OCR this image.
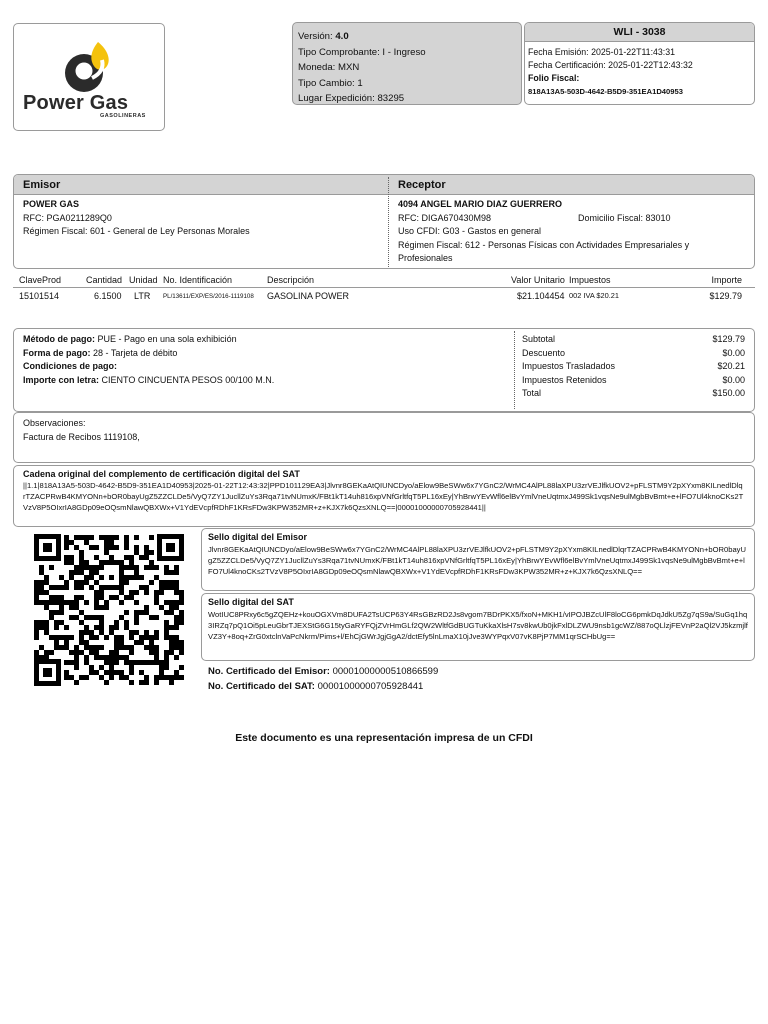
Power Gas
GASOLINERAS
Versión: 4.0
Tipo Comprobante: I - Ingreso
Moneda: MXN
Tipo Cambio: 1
Lugar Expedición: 83295
WLI - 3038
Fecha Emisión: 2025-01-22T11:43:31
Fecha Certificación: 2025-01-22T12:43:32
Folio Fiscal:
818A13A5-503D-4642-B5D9-351EA1D40953
Emisor	Receptor
POWER GAS
RFC: PGA0211289Q0
Régimen Fiscal: 601 - General de Ley Personas Morales
4094 ANGEL MARIO DIAZ GUERRERO
RFC: DIGA670430M98	Domicilio Fiscal: 83010
Uso CFDI: G03 - Gastos en general
Régimen Fiscal: 612 - Personas Físicas con Actividades Empresariales y
Profesionales
ClaveProd	Cantidad Unidad No. Identificación	Descripción	Valor Unitario Impuestos	Importe
15101514	6.1500 LTR PL/13611/EXP/ES/2016-1119108 GASOLINA POWER	$21.104454 002 IVA $20.21	$129.79
Método de pago: PUE - Pago en una sola exhibición
Forma de pago: 28 - Tarjeta de débito
Condiciones de pago:
Importe con letra: CIENTO CINCUENTA PESOS 00/100 M.N.
Subtotal	$129.79
Descuento	$0.00
Impuestos Trasladados	$20.21
Impuestos Retenidos	$0.00
Total	$150.00
Observaciones:
Factura de Recibos 1119108,
Cadena original del complemento de certificación digital del SAT
||1.1|818A13A5-503D-4642-B5D9-351EA1D40953|2025-01-22T12:43:32|PPD101129EA3|Jlvnr8GEKaAtQIUNCDyo/aElow9BeSWw6x7YGnC2/WrMC4AlPL88laXPU3zrVEJlfkUOV2+pFLSTM9Y2pXYxm8KILnedlDlqrTZACPRwB4KMYONn+bOR0bayUgZ5ZZCLDe5/VyQ7ZY1JucllZuYs3Rqa71tvNUmxK/FBt1kT14uh816xpVNfGrltfqT5PL16xEy|YhBrwYEvWfl6elBvYmlVneUqtmxJ499Sk1vqsNe9ulMgbBvBmt+e+lFO7Ul4knoCKs2TVzV8P5OIxrIA8GDp09eOQsmNlawQBXWx+V1YdEVcpfRDhF1KRsFDw3KPW352MR+z+KJX7k6QzsXNLQ==|00001000000705928441||
Sello digital del Emisor
Jlvnr8GEKaAtQIUNCDyo/aElow9BeSWw6x7YGnC2/WrMC4AlPL88laXPU3zrVEJlfkUOV2+pFLSTM9Y2pXYxm8KILnedlDlqrTZACPRwB4KMYONn+bOR0bayUgZ5ZZCLDe5/VyQ7ZY1JucllZuYs3Rqa71tvNUmxK/FBt1kT14uh816xpVNfGrltfqT5PL16xEy|YhBrwYEvWfl6elBvYmlVneUqtmxJ499Sk1vqsNe9ulMgbBvBmt+e+lFO7Ul4knoCKs2TVzV8P5OIxrIA8GDp09eOQsmNlawQBXWx+V1YdEVcpfRDhF1KRsFDw3KPW352MR+z+KJX7k6QzsXNLQ==
Sello digital del SAT
WotIUC8PRxy6c5gZQEHz+kouOGXVm8DUFA2TsUCP63Y4RsGBzRD2Js8vgom7BDrPKX5/fxoN+MKH1/vIPOJBZcUlF8loCG6pmkDqJdkU5Zg7qS9a/SuGq1hq3IRZq7pQ1Oi5pLeuGbrTJEXStG6G15tyGaRYFQjZVrHmGLf2QW2WltfGdBUGTuKkaXlsH7sv8kwUb0jkFxlDLZWU9nsb1gcWZ/887oQLlzjFEVnP2aQl2VJ5kzmjlfVZ3Y+8oq+ZrG0xtclnVaPcNkrm/Pims+l/EhCjGWrJgjGgA2/dctEfy5lnLmaX10jJve3WYPqxV07vK8PjP7MM1qrSCHbUg==
No. Certificado del Emisor: 00001000000510866599
No. Certificado del SAT: 00001000000705928441
Este documento es una representación impresa de un CFDI
